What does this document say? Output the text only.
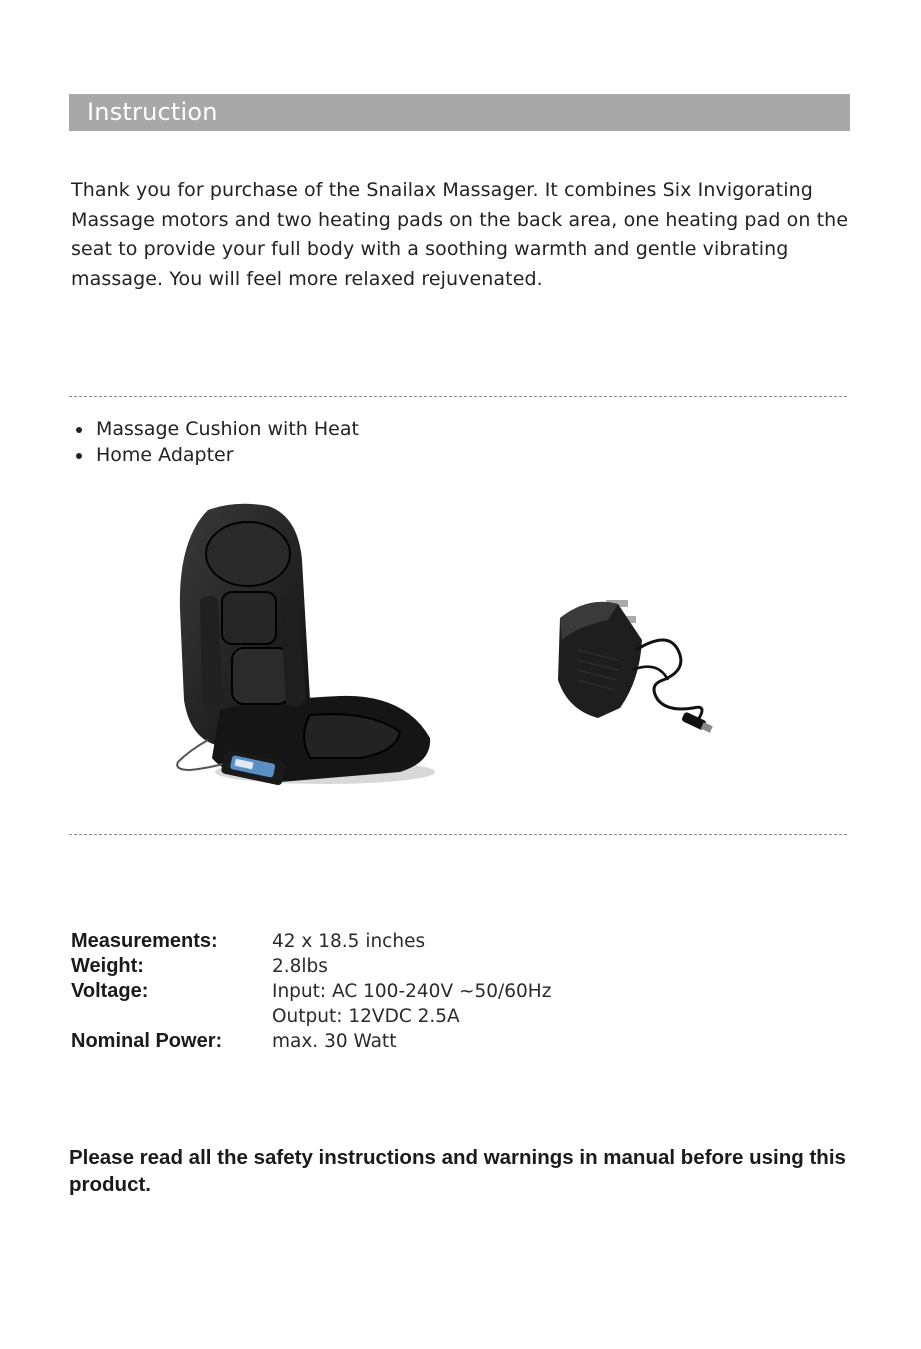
Instruction
Thank you for purchase of the Snailax Massager. It combines Six Invigorating Massage motors and two heating pads on the back area, one heating pad on the seat to provide your full body with a soothing warmth and gentle vibrating massage. You will feel more relaxed rejuvenated.
Massage Cushion with Heat
Home Adapter
Measurements:	42 x 18.5 inches
Weight:	2.8lbs
Voltage:	Input: AC 100-240V ~50/60Hz
	Output: 12VDC 2.5A
Nominal Power:	max. 30 Watt
Please read all the safety instructions and warnings in manual before using this product.
